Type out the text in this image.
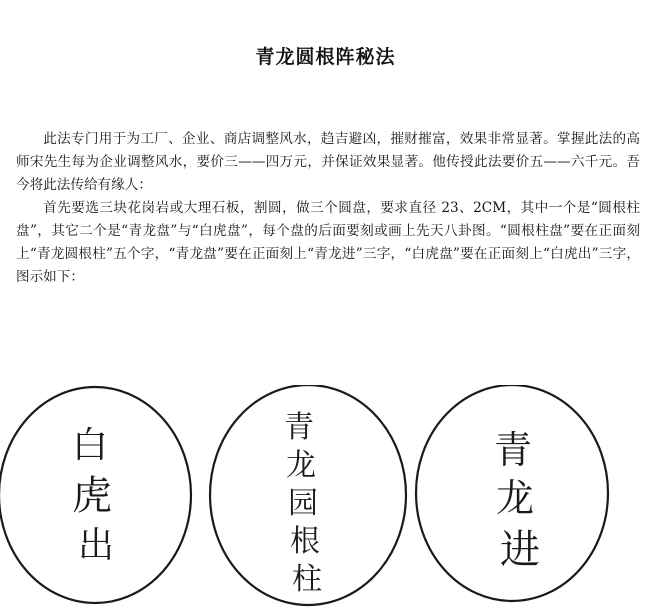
青龙圆根阵秘法

此法专门用于为工厂、企业、商店调整风水，趋吉避凶，摧财摧富，效果非常显著。掌握此法的高师宋先生每为企业调整风水，要价三——四万元，并保证效果显著。他传授此法要价五——六千元。吾今将此法传给有缘人：

首先要选三块花岗岩或大理石板，割圆，做三个圆盘，要求直径 23、2CM，其中一个是“圆根柱盘”，其它二个是“青龙盘”与“白虎盘”，每个盘的后面要刻或画上先天八卦图。“圆根柱盘”要在正面刻上“青龙圆根柱”五个字，“青龙盘”要在正面刻上“青龙进”三字，“白虎盘”要在正面刻上“白虎出”三字，图示如下：

白
虎
出
青
龙
园
根
柱
青
龙
进
